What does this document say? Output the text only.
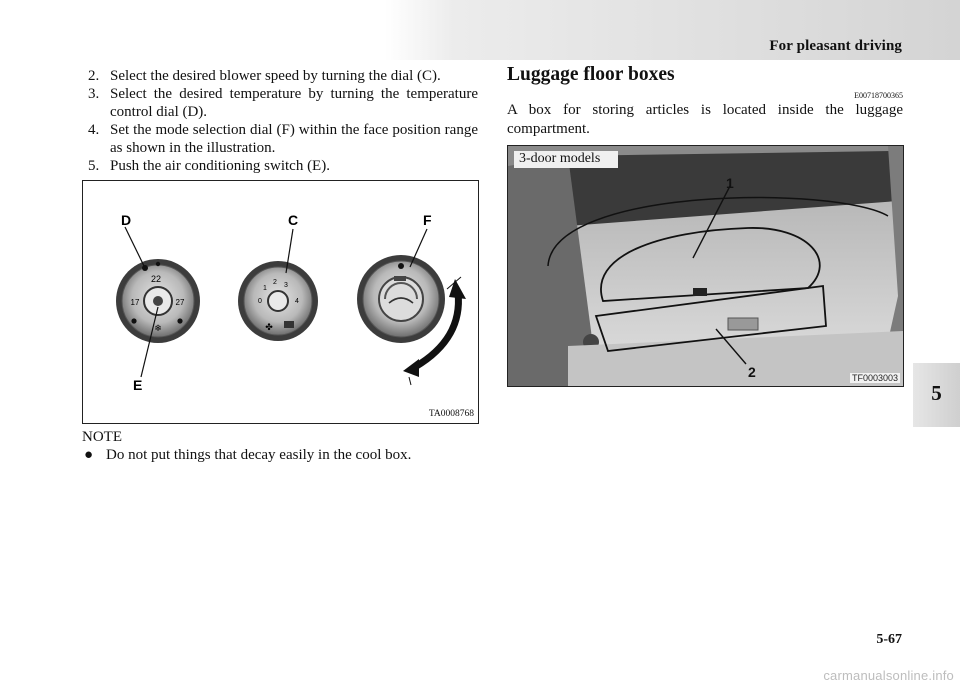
For pleasant driving
5
2. Select the desired blower speed by turning the dial (C).
3. Select the desired temperature by turning the temperature control dial (D).
4. Set the mode selection dial (F) within the face position range as shown in the illustration.
5. Push the air conditioning switch (E).
22
17	27
❄
D
E
1
2 3
0	4
✤
C	F
TA0008768
NOTE
● Do not put things that decay easily in the cool box.
Luggage floor boxes
E00718700365
A box for storing articles is located inside the luggage compartment.
1
2
3-door models
TF0003003
5-67
carmanualsonline.info
